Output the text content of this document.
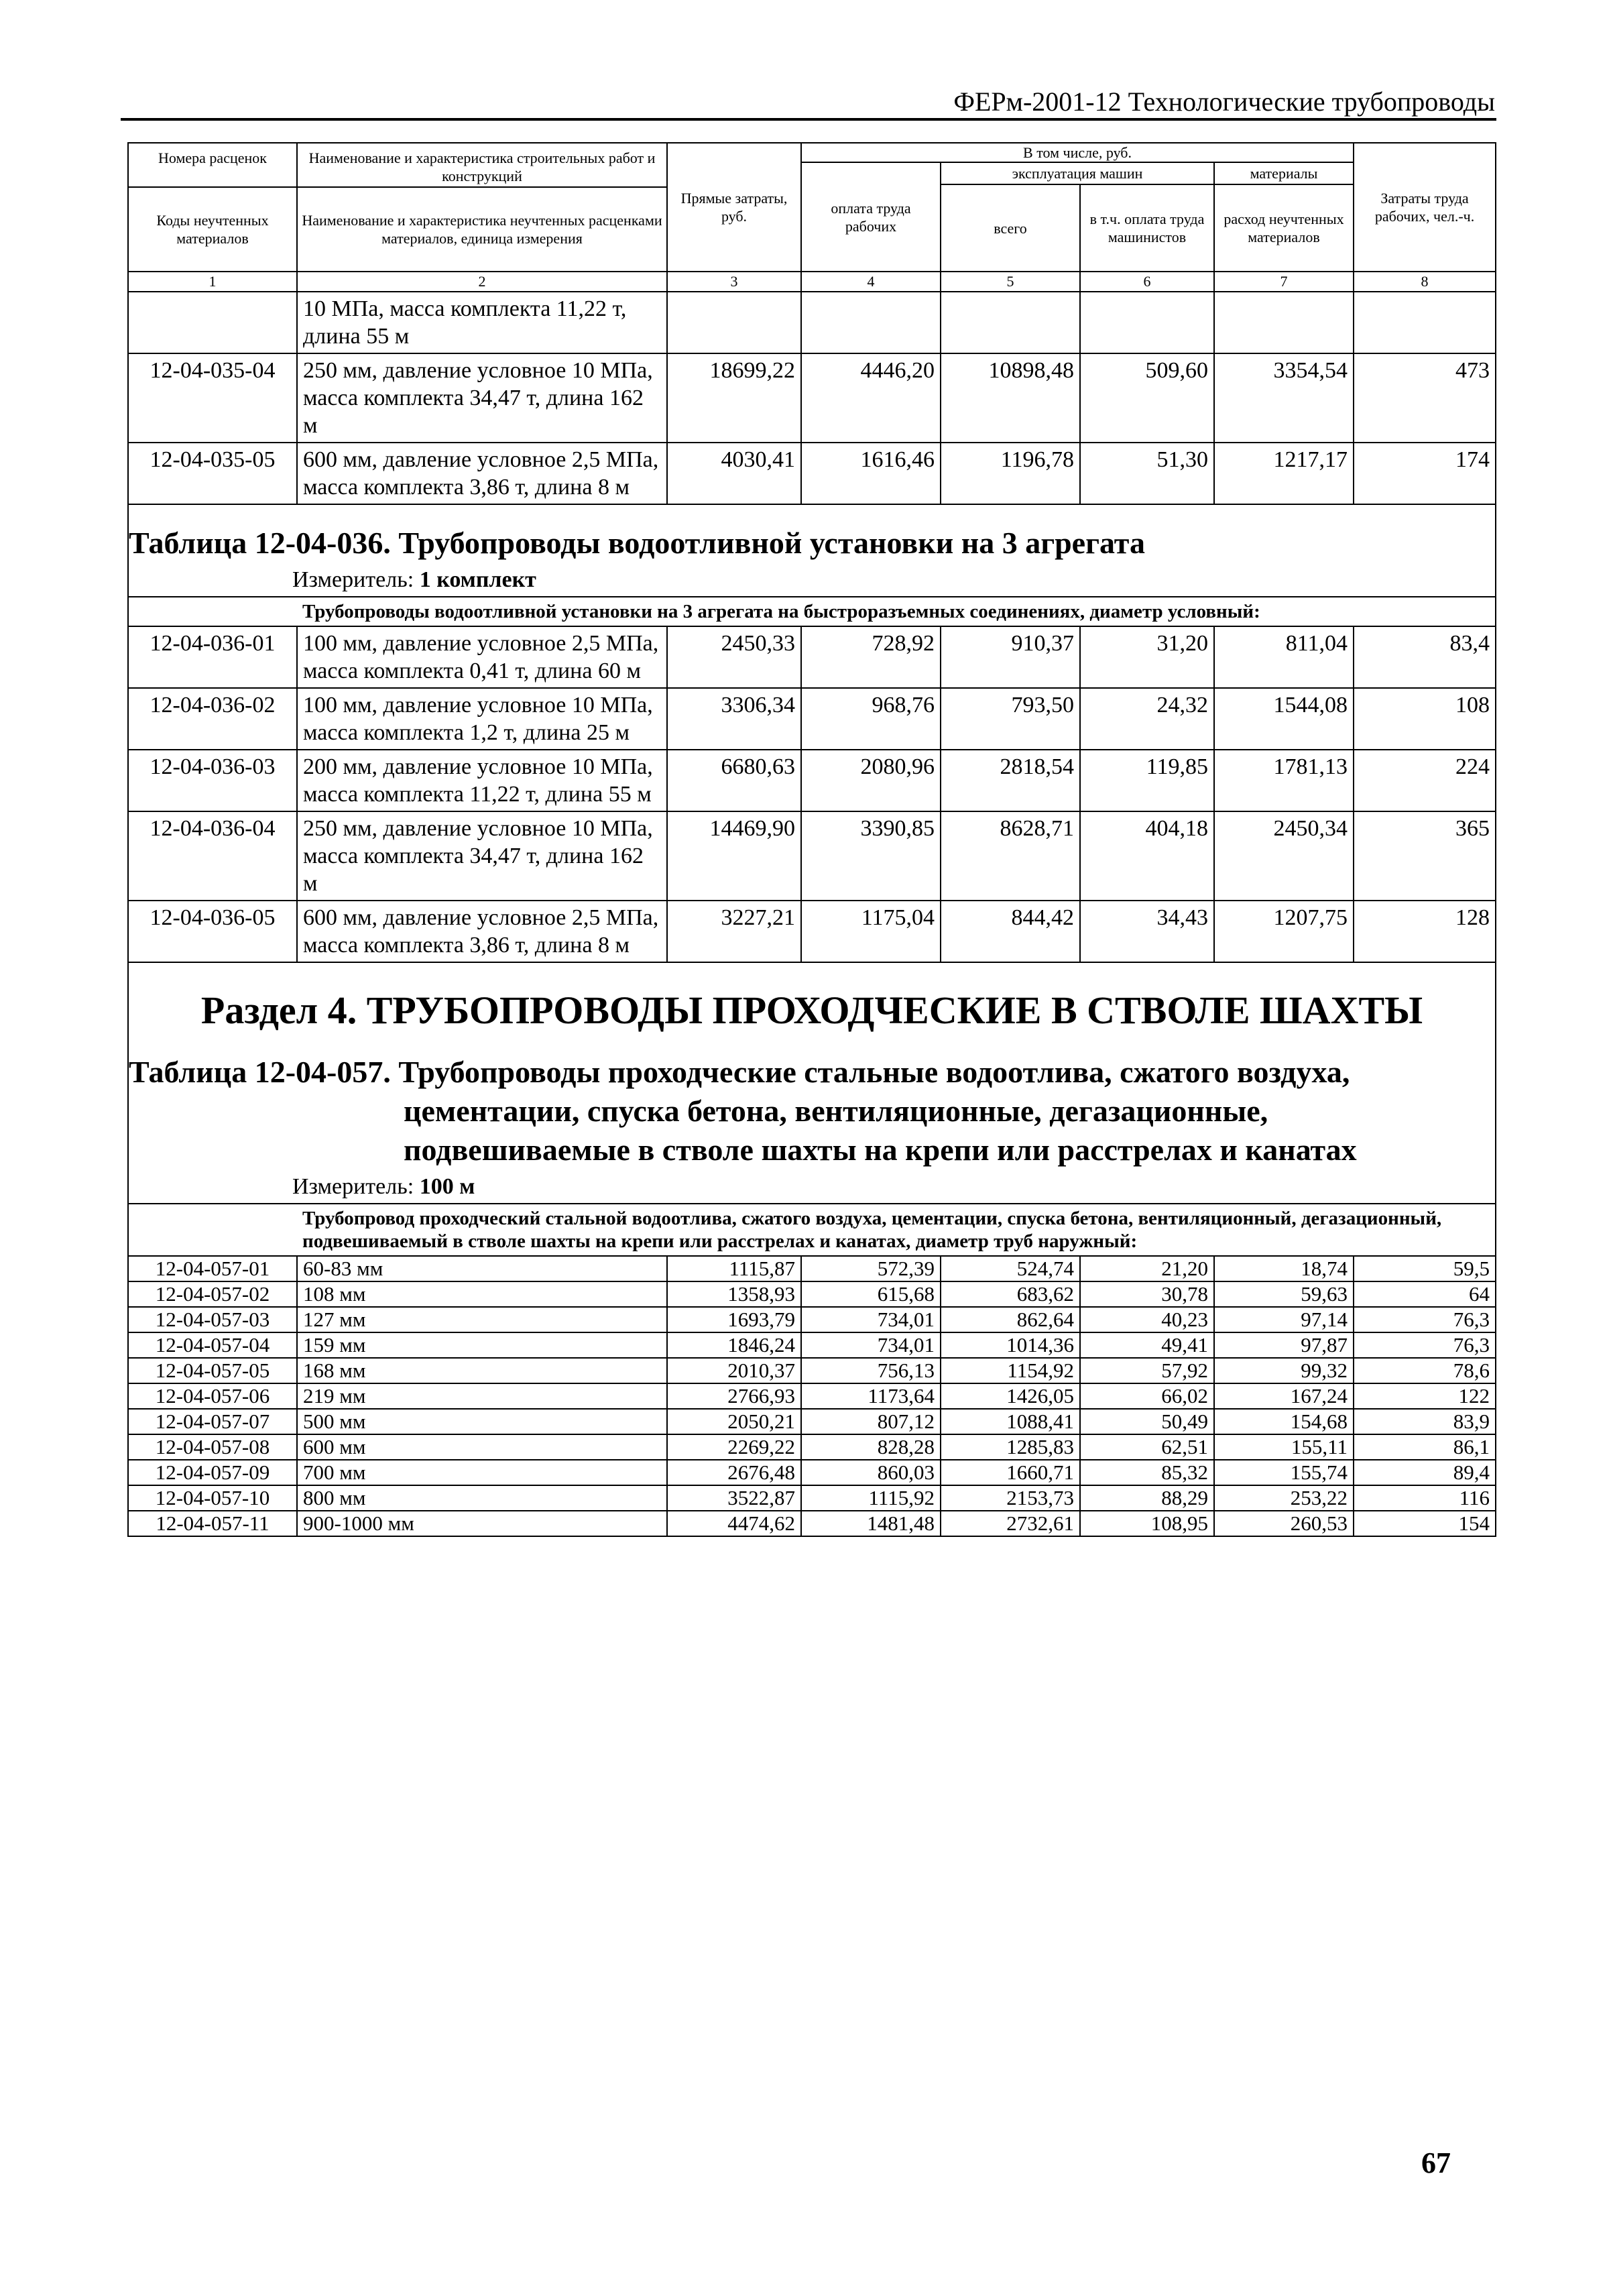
ФЕРм-2001-12 Технологические трубопроводы
Номера расценок	Наименование и характеристика строительных работ и конструкций	Прямые затраты, руб.	В том числе, руб.				Затраты труда рабочих, чел.-ч.
			оплата труда рабочих	эксплуатация машин		материалы	
				всего	в т.ч. оплата труда машинистов	расход неучтенных материалов	
Коды неучтенных материалов	Наименование и характеристика неучтенных расценками материалов, единица измерения						

1	2	3	4	5	6	7	8
	10 МПа, масса комплекта 11,22 т, длина 55 м						
12-04-035-04	250 мм, давление условное 10 МПа, масса комплекта 34,47 т, длина 162 м	18699,22	4446,20	10898,48	509,60	3354,54	473
12-04-035-05	600 мм, давление условное 2,5 МПа, масса комплекта 3,86 т, длина 8 м	4030,41	1616,46	1196,78	51,30	1217,17	174

Таблица 12-04-036. Трубопроводы водоотливной установки на 3 агрегата							

Измеритель: 1 комплект							
	Трубопроводы водоотливной установки на 3 агрегата на быстроразъемных соединениях, диаметр условный:						
12-04-036-01	100 мм, давление условное 2,5 МПа, масса комплекта 0,41 т, длина 60 м	2450,33	728,92	910,37	31,20	811,04	83,4
12-04-036-02	100 мм, давление условное 10 МПа, масса комплекта 1,2 т, длина 25 м	3306,34	968,76	793,50	24,32	1544,08	108
12-04-036-03	200 мм, давление условное 10 МПа, масса комплекта 11,22 т, длина 55 м	6680,63	2080,96	2818,54	119,85	1781,13	224
12-04-036-04	250 мм, давление условное 10 МПа, масса комплекта 34,47 т, длина 162 м	14469,90	3390,85	8628,71	404,18	2450,34	365
12-04-036-05	600 мм, давление условное 2,5 МПа, масса комплекта 3,86 т, длина 8 м	3227,21	1175,04	844,42	34,43	1207,75	128

Раздел 4. ТРУБОПРОВОДЫ ПРОХОДЧЕСКИЕ В СТВОЛЕ ШАХТЫ							

Таблица 12-04-057. Трубопроводы проходческие стальные водоотлива, сжатого воздуха,
цементации, спуска бетона, вентиляционные, дегазационные,
подвешиваемые в стволе шахты на крепи или расстрелах и канатах							

Измеритель: 100 м							
	Трубопровод проходческий стальной водоотлива, сжатого воздуха, цементации, спуска бетона, вентиляционный, дегазационный, подвешиваемый в стволе шахты на крепи или расстрелах и канатах, диаметр труб наружный:						
12-04-057-01	60-83 мм	1115,87	572,39	524,74	21,20	18,74	59,5
12-04-057-02	108 мм	1358,93	615,68	683,62	30,78	59,63	64
12-04-057-03	127 мм	1693,79	734,01	862,64	40,23	97,14	76,3
12-04-057-04	159 мм	1846,24	734,01	1014,36	49,41	97,87	76,3
12-04-057-05	168 мм	2010,37	756,13	1154,92	57,92	99,32	78,6
12-04-057-06	219 мм	2766,93	1173,64	1426,05	66,02	167,24	122
12-04-057-07	500 мм	2050,21	807,12	1088,41	50,49	154,68	83,9
12-04-057-08	600 мм	2269,22	828,28	1285,83	62,51	155,11	86,1
12-04-057-09	700 мм	2676,48	860,03	1660,71	85,32	155,74	89,4
12-04-057-10	800 мм	3522,87	1115,92	2153,73	88,29	253,22	116
12-04-057-11	900-1000 мм	4474,62	1481,48	2732,61	108,95	260,53	154
67
